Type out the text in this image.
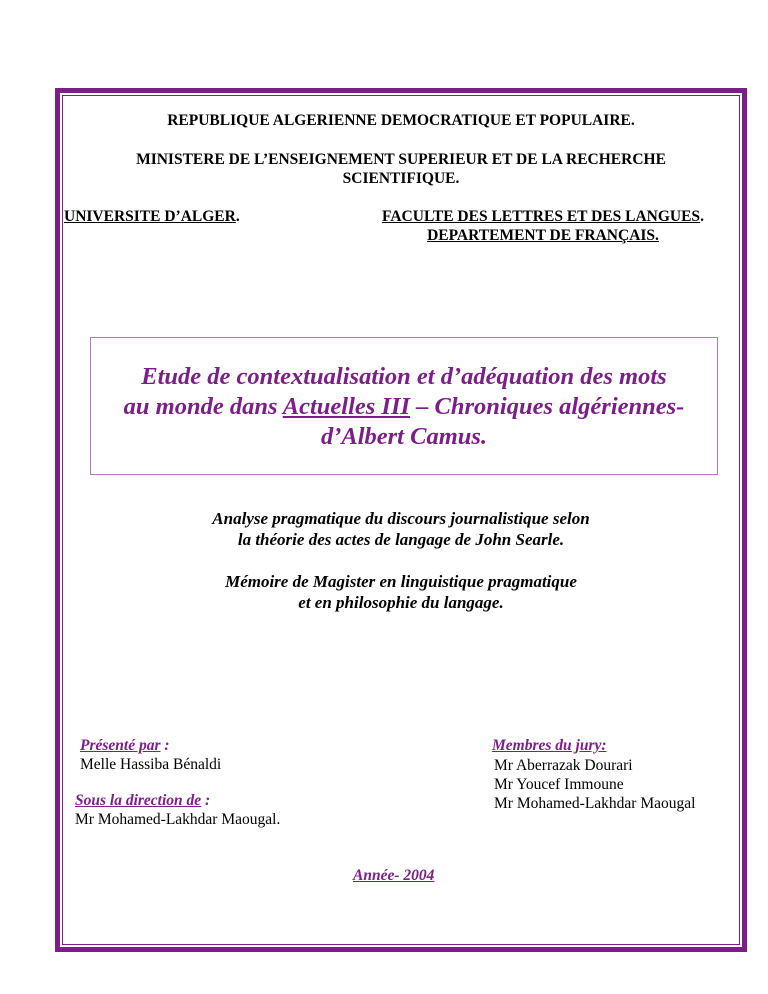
REPUBLIQUE ALGERIENNE DEMOCRATIQUE ET POPULAIRE.
MINISTERE DE L’ENSEIGNEMENT SUPERIEUR ET DE LA RECHERCHE
SCIENTIFIQUE.
UNIVERSITE D’ALGER.	FACULTE DES LETTRES ET DES LANGUES.
DEPARTEMENT DE FRANÇAIS.
Etude de contextualisation et d’adéquation des mots
au monde dans Actuelles III – Chroniques algériennes-
d’Albert Camus.
Analyse pragmatique du discours journalistique selon
la théorie des actes de langage de John Searle.
Mémoire de Magister en linguistique pragmatique
et en philosophie du langage.
Présenté par :
Melle Hassiba Bénaldi
Sous la direction de :
Mr Mohamed-Lakhdar Maougal.
Membres du jury:
Mr Aberrazak Dourari
Mr Youcef Immoune
Mr Mohamed-Lakhdar Maougal
Année- 2004
